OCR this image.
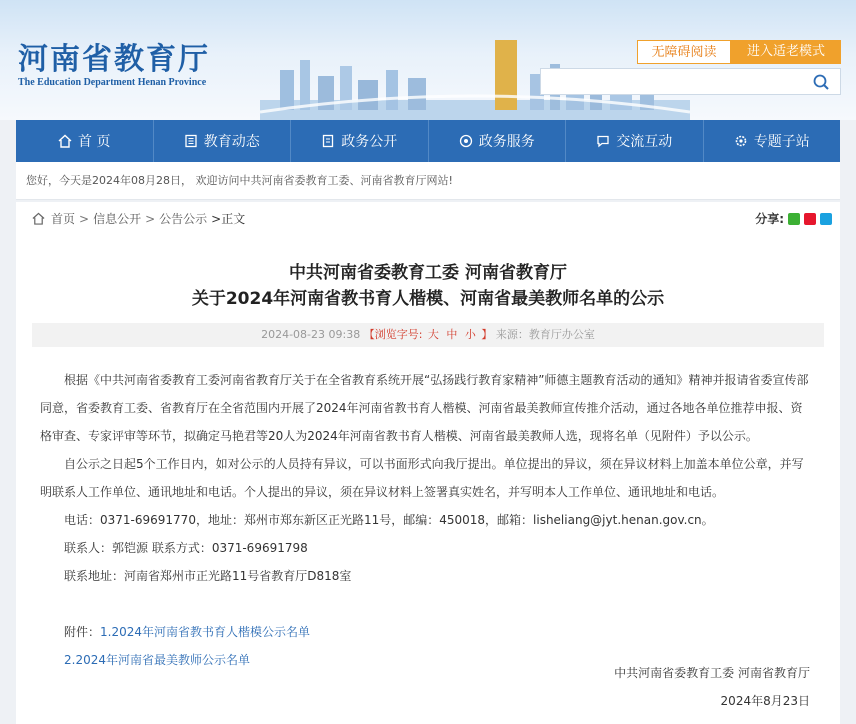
河南省教育厅
The Education Department Henan Province
无障碍阅读	进入适老模式
首 页	教育动态	政务公开	政务服务	交流互动	专题子站
您好，今天是2024年08月28日， 欢迎访问中共河南省委教育工委、河南省教育厅网站!
首页 > 信息公开 > 公告公示 >正文	分享:
中共河南省委教育工委 河南省教育厅
关于2024年河南省教书育人楷模、河南省最美教师名单的公示
2024-08-23 09:38 【浏览字号: 大 中 小 】 来源：教育厅办公室

根据《中共河南省委教育工委河南省教育厅关于在全省教育系统开展“弘扬践行教育家精神”师德主题教育活动的通知》精神并报请省委宣传部同意，省委教育工委、省教育厅在全省范围内开展了2024年河南省教书育人楷模、河南省最美教师宣传推介活动，通过各地各单位推荐申报、资格审查、专家评审等环节，拟确定马艳君等20人为2024年河南省教书育人楷模、河南省最美教师人选，现将名单（见附件）予以公示。

自公示之日起5个工作日内，如对公示的人员持有异议，可以书面形式向我厅提出。单位提出的异议，须在异议材料上加盖本单位公章，并写明联系人工作单位、通讯地址和电话。个人提出的异议，须在异议材料上签署真实姓名，并写明本人工作单位、通讯地址和电话。

电话：0371-69691770，地址：郑州市郑东新区正光路11号，邮编：450018，邮箱：lisheliang@jyt.henan.gov.cn。

联系人：郭铠源 联系方式：0371-69691798

联系地址：河南省郑州市正光路11号省教育厅D818室

附件：1.2024年河南省教书育人楷模公示名单

2.2024年河南省最美教师公示名单

中共河南省委教育工委 河南省教育厅
2024年8月23日
